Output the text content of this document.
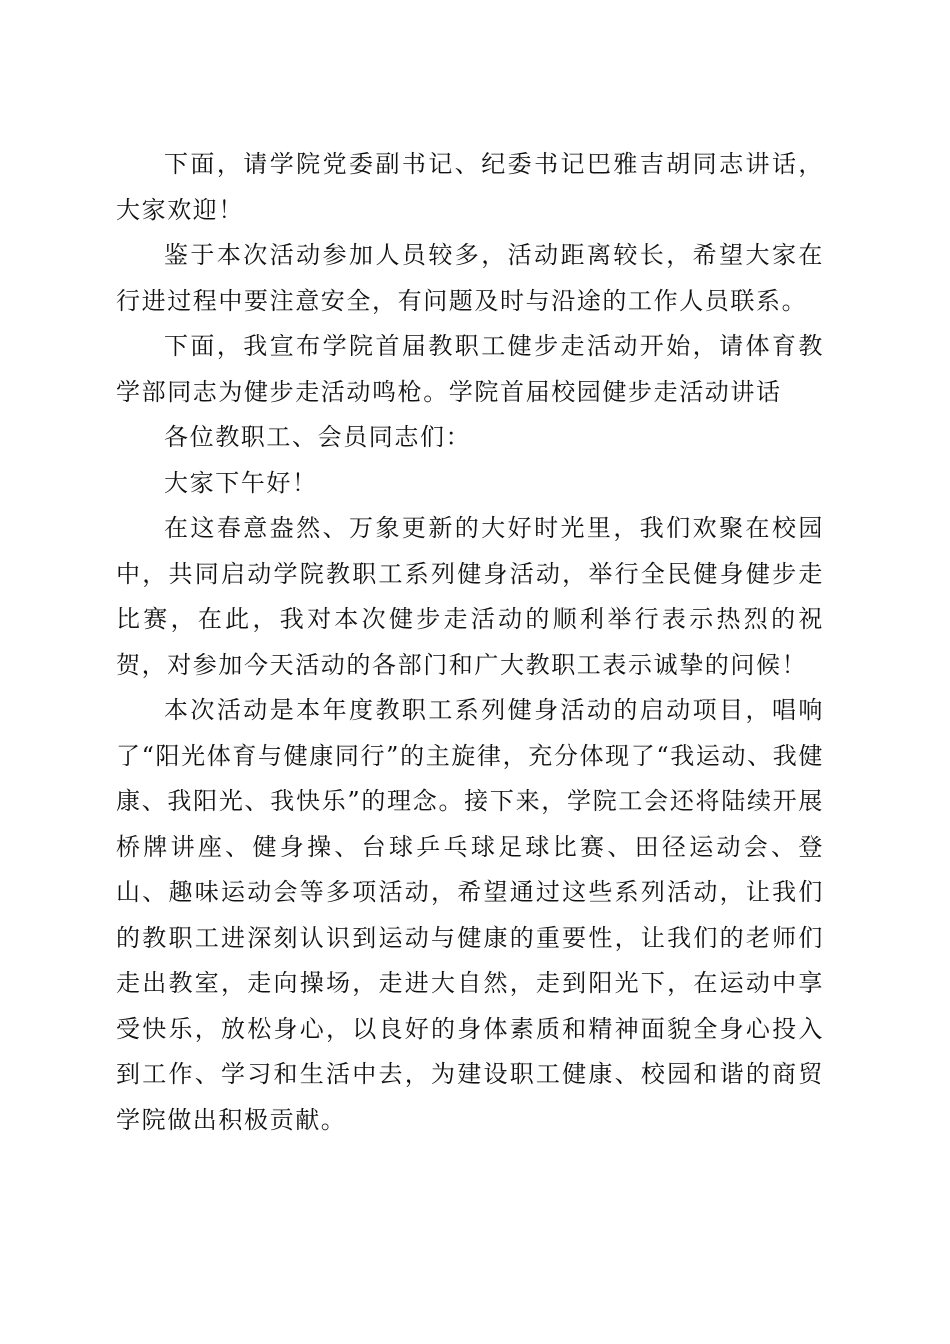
下面，请学院党委副书记、纪委书记巴雅吉胡同志讲话，大家欢迎！

鉴于本次活动参加人员较多，活动距离较长，希望大家在行进过程中要注意安全，有问题及时与沿途的工作人员联系。

下面，我宣布学院首届教职工健步走活动开始，请体育教学部同志为健步走活动鸣枪。学院首届校园健步走活动讲话

各位教职工、会员同志们：

大家下午好！

在这春意盎然、万象更新的大好时光里，我们欢聚在校园中，共同启动学院教职工系列健身活动，举行全民健身健步走比赛，在此，我对本次健步走活动的顺利举行表示热烈的祝贺，对参加今天活动的各部门和广大教职工表示诚挚的问候！

本次活动是本年度教职工系列健身活动的启动项目，唱响了“阳光体育与健康同行”的主旋律，充分体现了“我运动、我健康、我阳光、我快乐”的理念。接下来，学院工会还将陆续开展桥牌讲座、健身操、台球乒乓球足球比赛、田径运动会、登山、趣味运动会等多项活动，希望通过这些系列活动，让我们的教职工进深刻认识到运动与健康的重要性，让我们的老师们走出教室，走向操场，走进大自然，走到阳光下，在运动中享受快乐，放松身心，以良好的身体素质和精神面貌全身心投入到工作、学习和生活中去，为建设职工健康、校园和谐的商贸学院做出积极贡献。
